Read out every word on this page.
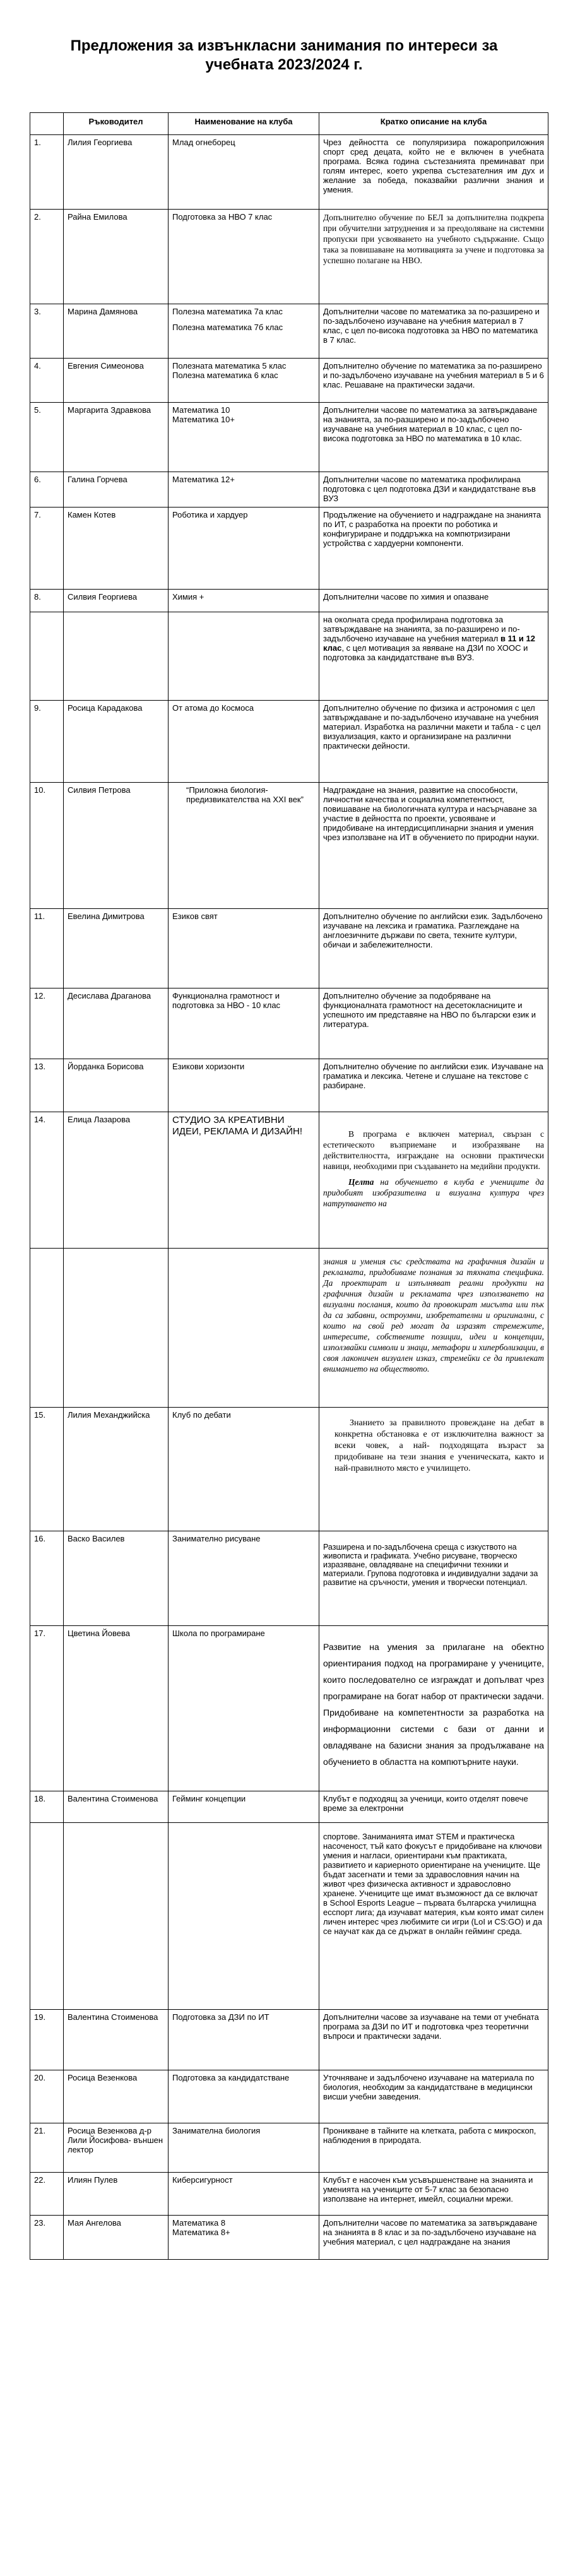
Предложения за извънкласни занимания по интереси за учебната 2023/2024 г.
	Ръководител	Наименование на клуба	Кратко описание на клуба
1.	Лилия Георгиева	Млад огнеборец	Чрез дейността се популяризира пожароприложния спорт сред децата, който не е включен в учебната програма. Всяка година състезанията преминават при голям интерес, което укрепва състезателния им дух и желание за победа, показвайки различни знания и умения.
2.	Райна Емилова	Подготовка за НВО 7 клас	Допълнително обучение по БЕЛ за допълнителна подкрепа при обучителни затруднения и за преодоляване на системни пропуски при усвояването на учебното съдържание. Също така за повишаване на мотивацията за учене и подготовка за успешно полагане на НВО.
3.	Марина Дамянова	Полезна математика 7а клас
Полезна математика 7б клас	Допълнителни часове по математика за по-разширено и по-задълбочено изучаване на учебния материал в 7 клас, с цел по-висока подготовка за НВО по математика в 7 клас.
4.	Евгения Симеонова	Полезната математика 5 клас
Полезна математика 6 клас	Допълнително обучение по математика за по-разширено и по-задълбочено изучаване на учебния материал в 5 и 6 клас. Решаване на практически задачи.
5.	Маргарита Здравкова	Математика 10
Математика 10+	Допълнителни часове по математика за затвърждаване на знанията, за по-разширено и по-задълбочено изучаване на учебния материал в 10 клас, с цел по-висока подготовка за НВО по математика в 10 клас.
6.	Галина Горчева	Математика 12+	Допълнителни часове по математика профилирана подготовка с цел подготовка ДЗИ и кандидатстване във ВУЗ
7.	Камен Котев	Роботика и хардуер	Продължение на обучението и надграждане на знанията по ИТ, с разработка на проекти по роботика и конфигуриране и поддръжка на компютризирани устройства с хардуерни компоненти.
8.	Силвия Георгиева	Химия +	Допълнителни часове по химия и опазване
			на околната среда профилирана подготовка за затвърждаване на знанията, за по-разширено и по-задълбочено изучаване на учебния материал в 11 и 12 клас, с цел мотивация за явяване на ДЗИ по ХООС и подготовка за кандидатстване във ВУЗ.
9.	Росица Карадакова	От атома до Космоса	Допълнително обучение по физика и астрономия с цел затвърждаване и по-задълбочено изучаване на учебния материал. Изработка на различни макети и табла - с цел визуализация, както и организиране на различни практически дейности.
10.	Силвия Петрова	“Приложна биология- предизвикателства на XXI век”	Надграждане на знания, развитие на способности, личностни качества и социална компетентност, повишаване на биологичната култура и насърчаване за участие в дейността по проекти, усвояване и придобиване на интердисциплинарни знания и умения чрез използване на ИТ в обучението по природни науки.
11.	Евелина Димитрова	Езиков свят	Допълнително обучение по английски език. Задълбочено изучаване на лексика и граматика. Разглеждане на англоезичните държави по света, техните култури, обичаи и забележителности.
12.	Десислава Драганова	Функционална грамотност и подготовка за НВО - 10 клас	Допълнително обучение за подобряване на функционалната грамотност на десетокласниците и успешното им представяне на НВО по български език и литература.
13.	Йорданка Борисова	Езикови хоризонти	Допълнително обучение по английски език. Изучаване на граматика и лексика. Четене и слушане на текстове с разбиране.
14.	Елица Лазарова	СТУДИО ЗА КРЕАТИВНИ ИДЕИ, РЕКЛАМА И ДИЗАЙН!	В програма е включен материал, свързан с естетическото възприемане и изобразяване на действителността, изграждане на основни практически навици, необходими при създаването на медийни продукти.
Целта на обучението в клуба е учениците да придобият изобразителна и визуална култура чрез натрупването на

			знания и умения със средствата на графичния дизайн и рекламата, придобиваме познания за тяхната специфика. Да проектират и изпълняват реални продукти на графичния дизайн и рекламата чрез използването на визуални послания, които да провокират мисълта или пък да са забавни, остроумни, изобретателни и оригинални, с които на свой ред могат да изразят стремежите, интересите, собствените позиции, идеи и концепции, използвайки символи и знаци, метафори и хиперболизации, в своя лаконичен визуален изказ, стремейки се да привлекат вниманието на обществото.
15.	Лилия Механджийска	Клуб по дебати	Знанието за правилното провеждане на дебат в конкретна обстановка е от изключителна важност за всеки човек, а най- подходящата възраст за придобиване на тези знания е ученическата, както и най-правилното място е училището.
16.	Васко Василев	Занимателно рисуване	Разширена и по-задълбочена среща с изкуството на живописта и графиката. Учебно рисуване, творческо изразяване, овладяване на специфични техники и материали. Групова подготовка и индивидуални задачи за развитие на сръчности, умения и творчески потенциал.
17.	Цветина Йовева	Школа по програмиране	Развитие на умения за прилагане на обектно ориентирания подход на програмиране у учениците, които последователно се изграждат и допълват чрез програмиране на богат набор от практически задачи. Придобиване на компетентности за разработка на информационни системи с бази от данни и овладяване на базисни знания за продължаване на обучението в областта на компютърните науки.
18.	Валентина Стоименова	Гейминг концепции	Клубът е подходящ за ученици, които отделят повече време за електронни
			спортове. Заниманията имат STEM и практическа насоченост, тъй като фокусът е придобиване на ключови умения и нагласи, ориентирани към практиката, развитието и кариерното ориентиране на учениците. Ще бъдат засегнати и теми за здравословния начин на живот чрез физическа активност и здравословно хранене. Учениците ще имат възможност да се включат в School Esports League – първата българска училищна есспорт лига; да изучават материя, към която имат силен личен интерес чрез любимите си игри (LoI и CS:GO) и да се научат как да се държат в онлайн гейминг среда.
19.	Валентина Стоименова	Подготовка за ДЗИ по ИТ	Допълнителни часове за изучаване на теми от учебната програма за ДЗИ по ИТ и подготовка чрез теоретични въпроси и практически задачи.
20.	Росица Везенкова	Подготовка за кандидатстване	Уточняване и задълбочено изучаване на материала по биология, необходим за кандидатстване в медицински висши учебни заведения.
21.	Росица Везенкова д-р Лили Йосифова- външен лектор	Занимателна биология	Проникване в тайните на клетката, работа с микроскоп, наблюдения в природата.
22.	Илиян Пулев	Киберсигурност	Клубът е насочен към усъвършенстване на знанията и уменията на учениците от 5-7 клас за безопасно използване на интернет, имейл, социални мрежи.
23.	Мая Ангелова	Математика 8
Математика 8+	Допълнителни часове по математика за затвърждаване на знанията в 8 клас и за по-задълбочено изучаване на учебния материал, с цел надграждане на знания
